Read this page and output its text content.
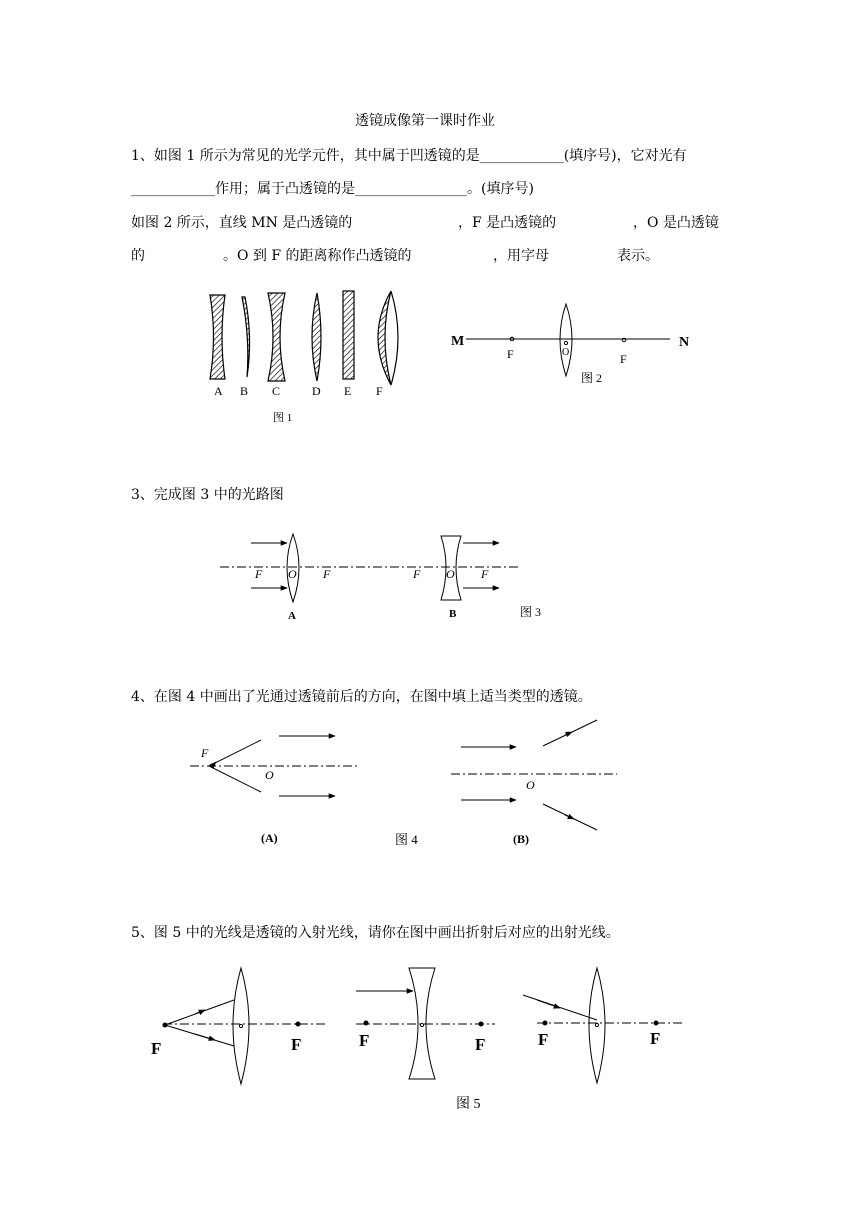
透镜成像第一课时作业
1、如图 1 所示为常见的光学元件，其中属于凹透镜的是____________(填序号)，它对光有
____________作用；属于凸透镜的是________________。(填序号)
如图 2 所示，直线 MN 是凸透镜的	，F 是凸透镜的	，O 是凸透镜
的	。O 到 F 的距离称作凸透镜的	，用字母	表示。
A B C	D E F
图 1
M	N
F	O	F
图 2
3、完成图 3 中的光路图
F O F
A
F O F
B	图 3
4、在图 4 中画出了光通过透镜前后的方向，在图中填上适当类型的透镜。
F
O
(A)	图 4
O
(B)
5、图 5 中的光线是透镜的入射光线，请你在图中画出折射后对应的出射光线。
F	F	F	F	F	F
图 5
